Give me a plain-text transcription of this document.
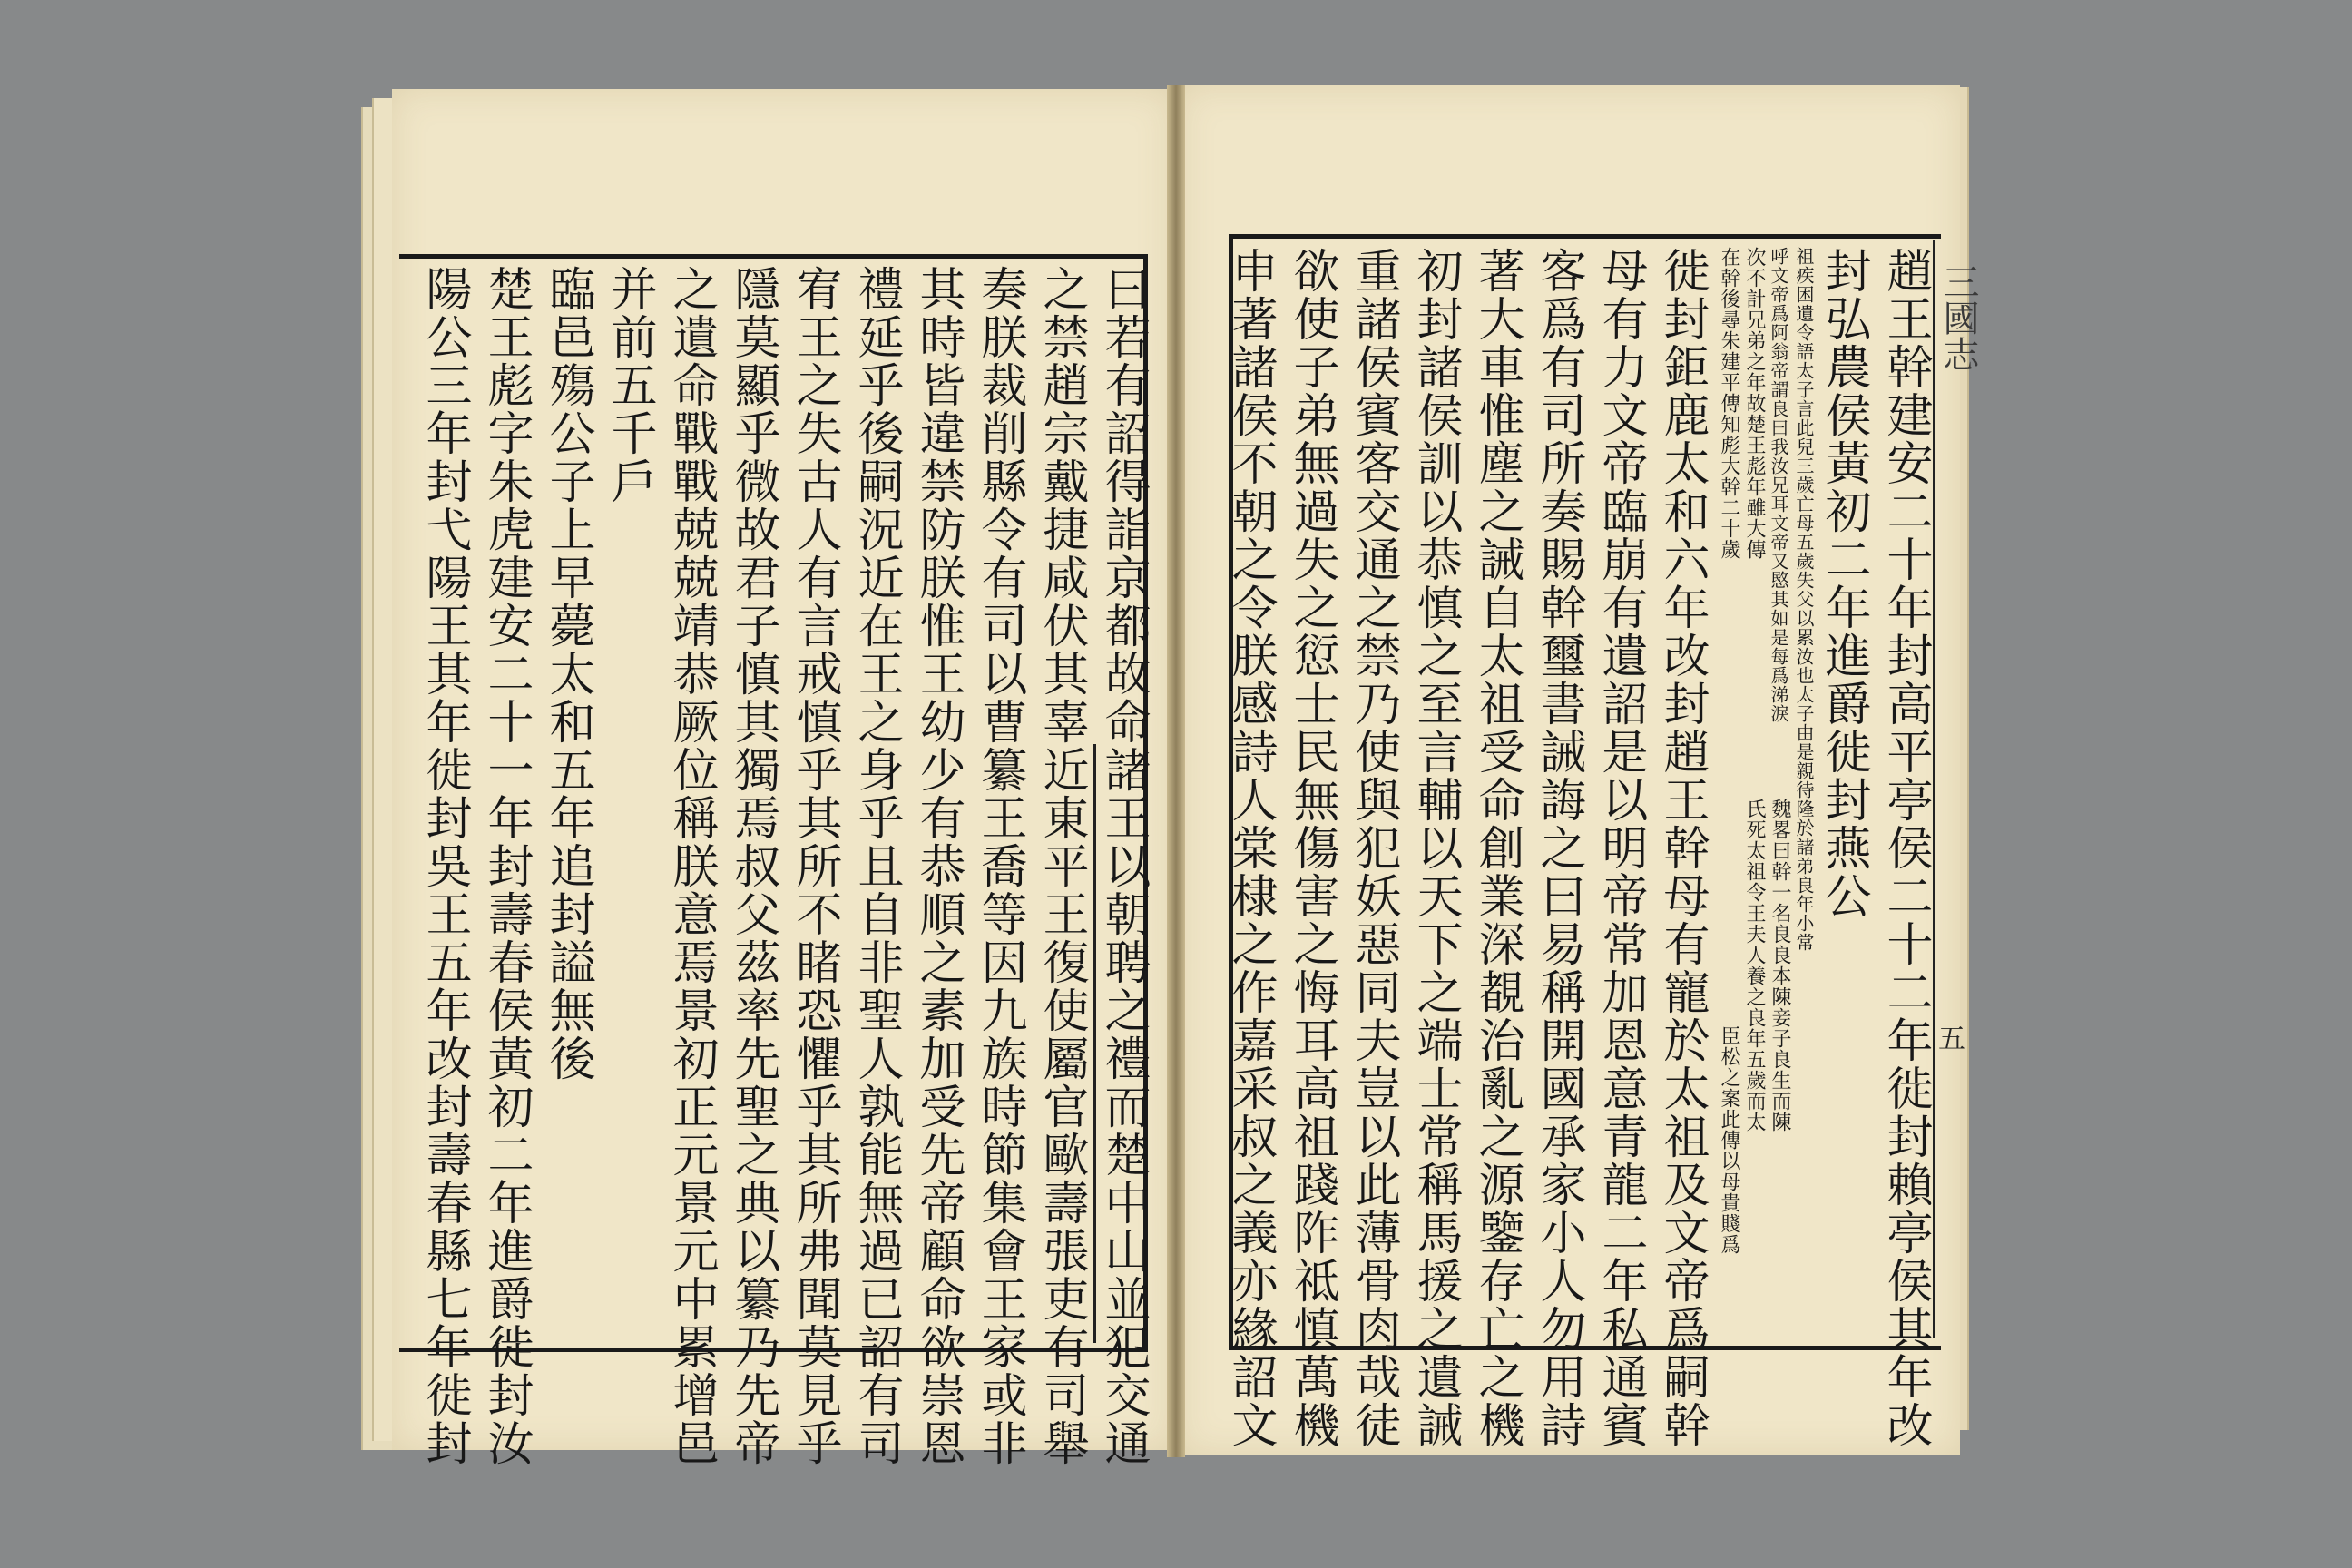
曰若有詔得詣京都故命諸王以朝聘之禮而楚中山並犯交通
之禁趙宗戴捷咸伏其辜近東平王復使屬官歐壽張吏有司舉
奏朕裁削縣令有司以曹纂王喬等因九族時節集會王家或非
其時皆違禁防朕惟王幼少有恭順之素加受先帝顧命欲崇恩
禮延乎後嗣況近在王之身乎且自非聖人孰能無過已詔有司
宥王之失古人有言戒慎乎其所不睹恐懼乎其所弗聞莫見乎
隱莫顯乎微故君子慎其獨焉叔父茲率先聖之典以纂乃先帝
之遺命戰戰兢兢靖恭厥位稱朕意焉景初正元景元中累增邑
并前五千戶
臨邑殤公子上早薨太和五年追封謚無後
楚王彪字朱虎建安二十一年封壽春侯黃初二年進爵徙封汝
陽公三年封弋陽王其年徙封吳王五年改封壽春縣七年徙封	三國志
五
趙王幹建安二十年封高平亭侯二十二年徙封賴亭侯其年改
封弘農侯黃初二年進爵徙封燕公
魏畧曰幹一名良良本陳妾子良生而陳
氏死太祖令王夫人養之良年五歲而太
祖疾困遺令語太子言此兒三歲亡母五歲失父以累汝也太子由是親待隆於諸弟良年小常
呼文帝爲阿翁帝謂良曰我汝兄耳文帝又愍其如是每爲涕淚
次不計兄弟之年故楚王彪年雖大傳
在幹後尋朱建平傳知彪大幹二十歲
臣松之案此傳以母貴賤爲
徙封鉅鹿太和六年改封趙王幹母有寵於太祖及文帝爲嗣幹
母有力文帝臨崩有遺詔是以明帝常加恩意青龍二年私通賓
客爲有司所奏賜幹璽書誡誨之曰易稱開國承家小人勿用詩
著大車惟塵之誡自太祖受命創業深覩治亂之源鑒存亡之機
初封諸侯訓以恭慎之至言輔以天下之端士常稱馬援之遺誡
重諸侯賓客交通之禁乃使與犯妖惡同夫豈以此薄骨肉哉徒
欲使子弟無過失之愆士民無傷害之悔耳高祖踐阼祗慎萬機
申著諸侯不朝之令朕感詩人棠棣之作嘉采叔之義亦緣詔文
